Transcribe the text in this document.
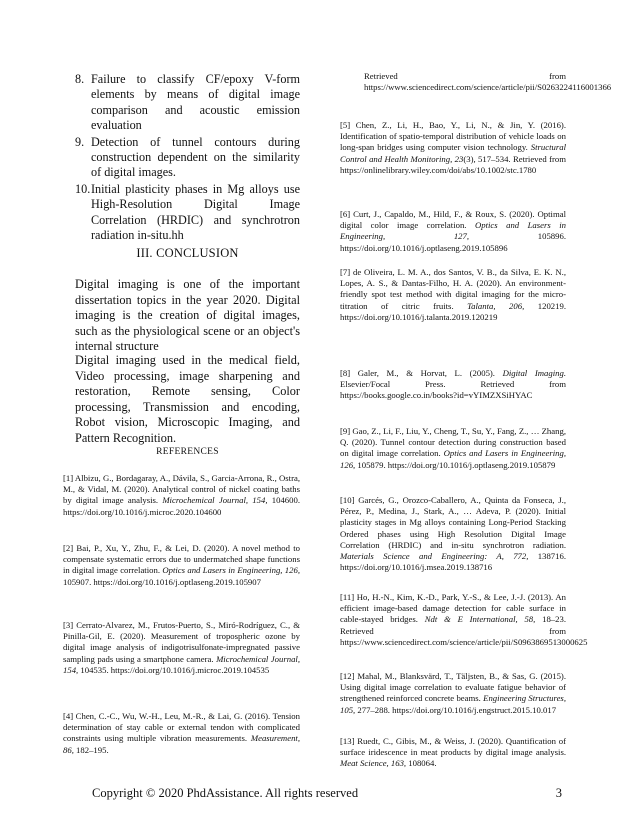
8. Failure to classify CF/epoxy V-form elements by means of digital image comparison and acoustic emission evaluation
9. Detection of tunnel contours during construction dependent on the similarity of digital images.
10. Initial plasticity phases in Mg alloys use High-Resolution Digital Image Correlation (HRDIC) and synchrotron radiation in-situ.hh
III. CONCLUSION

Digital imaging is one of the important dissertation topics in the year 2020. Digital imaging is the creation of digital images, such as the physiological scene or an object's internal structure

Digital imaging used in the medical field, Video processing, image sharpening and restoration, Remote sensing, Color processing, Transmission and encoding, Robot vision, Microscopic Imaging, and Pattern Recognition.

REFERENCES
[1] Albizu, G., Bordagaray, A., Dávila, S., Garcia-Arrona, R., Ostra, M., & Vidal, M. (2020). Analytical control of nickel coating baths by digital image analysis. Microchemical Journal, 154, 104600. https://doi.org/10.1016/j.microc.2020.104600
[2] Bai, P., Xu, Y., Zhu, F., & Lei, D. (2020). A novel method to compensate systematic errors due to undermatched shape functions in digital image correlation. Optics and Lasers in Engineering, 126, 105907. https://doi.org/10.1016/j.optlaseng.2019.105907
[3] Cerrato-Alvarez, M., Frutos-Puerto, S., Miró-Rodríguez, C., & Pinilla-Gil, E. (2020). Measurement of tropospheric ozone by digital image analysis of indigotrisulfonate-impregnated passive sampling pads using a smartphone camera. Microchemical Journal, 154, 104535. https://doi.org/10.1016/j.microc.2019.104535
[4] Chen, C.-C., Wu, W.-H., Leu, M.-R., & Lai, G. (2016). Tension determination of stay cable or external tendon with complicated constraints using multiple vibration measurements. Measurement, 86, 182–195.
Retrieved from https://www.sciencedirect.com/science/article/pii/S0263224116001366
[5] Chen, Z., Li, H., Bao, Y., Li, N., & Jin, Y. (2016). Identification of spatio-temporal distribution of vehicle loads on long-span bridges using computer vision technology. Structural Control and Health Monitoring, 23(3), 517–534. Retrieved from https://onlinelibrary.wiley.com/doi/abs/10.1002/stc.1780
[6] Curt, J., Capaldo, M., Hild, F., & Roux, S. (2020). Optimal digital color image correlation. Optics and Lasers in Engineering, 127, 105896. https://doi.org/10.1016/j.optlaseng.2019.105896
[7] de Oliveira, L. M. A., dos Santos, V. B., da Silva, E. K. N., Lopes, A. S., & Dantas-Filho, H. A. (2020). An environment-friendly spot test method with digital imaging for the micro-titration of citric fruits. Talanta, 206, 120219. https://doi.org/10.1016/j.talanta.2019.120219
[8] Galer, M., & Horvat, L. (2005). Digital Imaging. Elsevier/Focal Press. Retrieved from https://books.google.co.in/books?id=vYIMZXSiHYAC
[9] Gao, Z., Li, F., Liu, Y., Cheng, T., Su, Y., Fang, Z., … Zhang, Q. (2020). Tunnel contour detection during construction based on digital image correlation. Optics and Lasers in Engineering, 126, 105879. https://doi.org/10.1016/j.optlaseng.2019.105879
[10] Garcés, G., Orozco-Caballero, A., Quinta da Fonseca, J., Pérez, P., Medina, J., Stark, A., … Adeva, P. (2020). Initial plasticity stages in Mg alloys containing Long-Period Stacking Ordered phases using High Resolution Digital Image Correlation (HRDIC) and in-situ synchrotron radiation. Materials Science and Engineering: A, 772, 138716. https://doi.org/10.1016/j.msea.2019.138716
[11] Ho, H.-N., Kim, K.-D., Park, Y.-S., & Lee, J.-J. (2013). An efficient image-based damage detection for cable surface in cable-stayed bridges. Ndt & E International, 58, 18–23. Retrieved from https://www.sciencedirect.com/science/article/pii/S0963869513000625
[12] Mahal, M., Blanksvärd, T., Täljsten, B., & Sas, G. (2015). Using digital image correlation to evaluate fatigue behavior of strengthened reinforced concrete beams. Engineering Structures, 105, 277–288. https://doi.org/10.1016/j.engstruct.2015.10.017
[13] Ruedt, C., Gibis, M., & Weiss, J. (2020). Quantification of surface iridescence in meat products by digital image analysis. Meat Science, 163, 108064.
Copyright © 2020 PhdAssistance. All rights reserved	3
